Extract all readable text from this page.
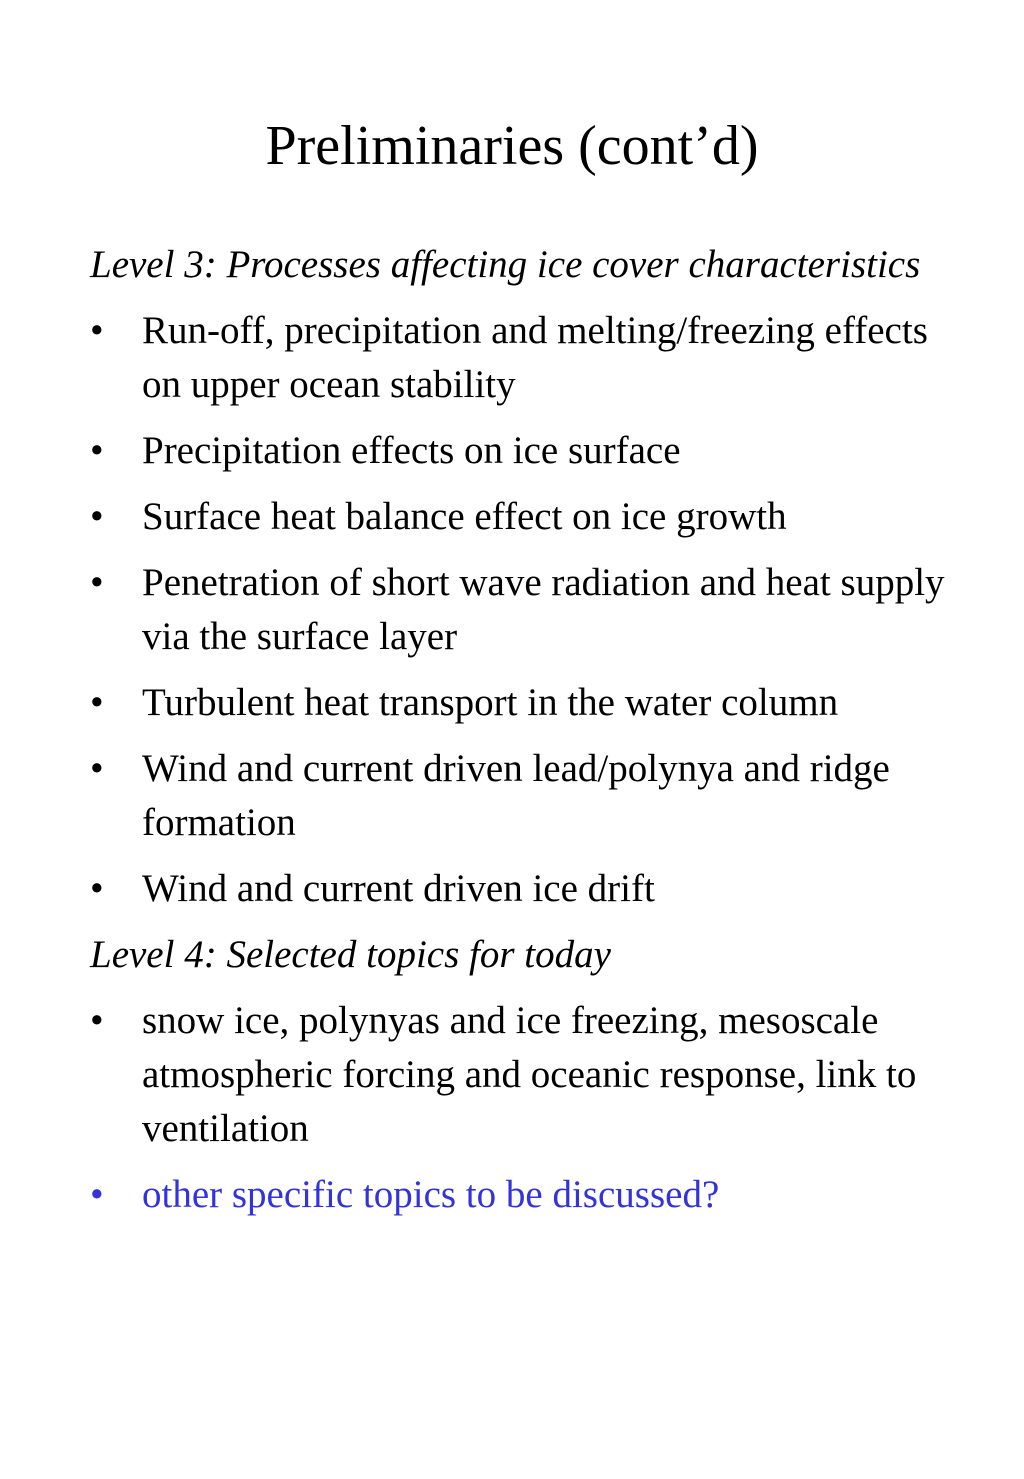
Preliminaries (cont’d)
Level 3: Processes affecting ice cover characteristics
• Run-off, precipitation and melting/freezing effects on upper ocean stability
• Precipitation effects on ice surface
• Surface heat balance effect on ice growth
• Penetration of short wave radiation and heat supply via the surface layer
• Turbulent heat transport in the water column
• Wind and current driven lead/polynya and ridge formation
• Wind and current driven ice drift
Level 4: Selected topics for today
• snow ice, polynyas and ice freezing, mesoscale atmospheric forcing and oceanic response, link to ventilation
• other specific topics to be discussed?
